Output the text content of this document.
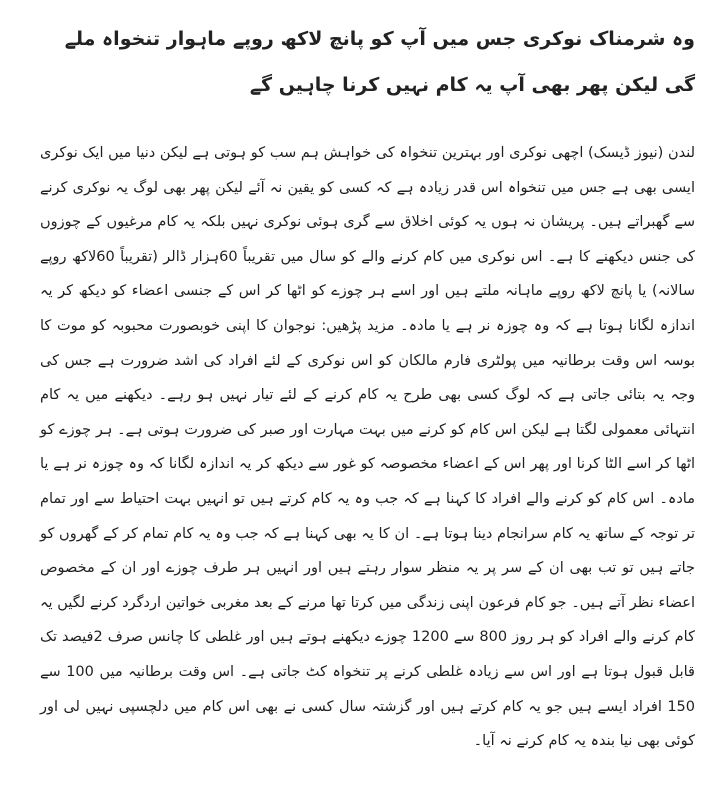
وہ شرمناک نوکری جس میں آپ کو پانچ لاکھ روپے ماہوار تنخواہ ملے گی لیکن پھر بھی آپ یہ کام نہیں کرنا چاہیں گے

لندن (نیوز ڈیسک) اچھی نوکری اور بہترین تنخواہ کی خواہش ہم سب کو ہوتی ہے لیکن دنیا میں ایک نوکری ایسی بھی ہے جس میں تنخواہ اس قدر زیادہ ہے کہ کسی کو یقین نہ آئے لیکن پھر بھی لوگ یہ نوکری کرنے سے گھبراتے ہیں۔ پریشان نہ ہوں یہ کوئی اخلاق سے گری ہوئی نوکری نہیں بلکہ یہ کام مرغیوں کے چوزوں کی جنس دیکھنے کا ہے۔ اس نوکری میں کام کرنے والے کو سال میں تقریباً 60ہزار ڈالر (تقریباً 60لاکھ روپے سالانہ) یا پانچ لاکھ روپے ماہانہ ملتے ہیں اور اسے ہر چوزے کو اٹھا کر اس کے جنسی اعضاء کو دیکھ کر یہ اندازہ لگانا ہوتا ہے کہ وہ چوزہ نر ہے یا مادہ۔ مزید پڑھیں: نوجوان کا اپنی خوبصورت محبوبہ کو موت کا بوسہ اس وقت برطانیہ میں پولٹری فارم مالکان کو اس نوکری کے لئے افراد کی اشد ضرورت ہے جس کی وجہ یہ بتائی جاتی ہے کہ لوگ کسی بھی طرح یہ کام کرنے کے لئے تیار نہیں ہو رہے۔ دیکھنے میں یہ کام انتہائی معمولی لگتا ہے لیکن اس کام کو کرنے میں بہت مہارت اور صبر کی ضرورت ہوتی ہے۔ ہر چوزے کو اٹھا کر اسے الٹا کرنا اور پھر اس کے اعضاء مخصوصہ کو غور سے دیکھ کر یہ اندازہ لگانا کہ وہ چوزہ نر ہے یا مادہ۔ اس کام کو کرنے والے افراد کا کہنا ہے کہ جب وہ یہ کام کرتے ہیں تو انہیں بہت احتیاط سے اور تمام تر توجہ کے ساتھ یہ کام سرانجام دینا ہوتا ہے۔ ان کا یہ بھی کہنا ہے کہ جب وہ یہ کام تمام کر کے گھروں کو جاتے ہیں تو تب بھی ان کے سر پر یہ منظر سوار رہتے ہیں اور انہیں ہر طرف چوزے اور ان کے مخصوص اعضاء نظر آتے ہیں۔ جو کام فرعون اپنی زندگی میں کرتا تھا مرنے کے بعد مغربی خواتین اردگرد کرنے لگیں یہ کام کرنے والے افراد کو ہر روز 800 سے 1200 چوزے دیکھنے ہوتے ہیں اور غلطی کا چانس صرف 2فیصد تک قابل قبول ہوتا ہے اور اس سے زیادہ غلطی کرنے پر تنخواہ کٹ جاتی ہے۔ اس وقت برطانیہ میں 100 سے 150 افراد ایسے ہیں جو یہ کام کرتے ہیں اور گزشتہ سال کسی نے بھی اس کام میں دلچسپی نہیں لی اور کوئی بھی نیا بندہ یہ کام کرنے نہ آیا۔
